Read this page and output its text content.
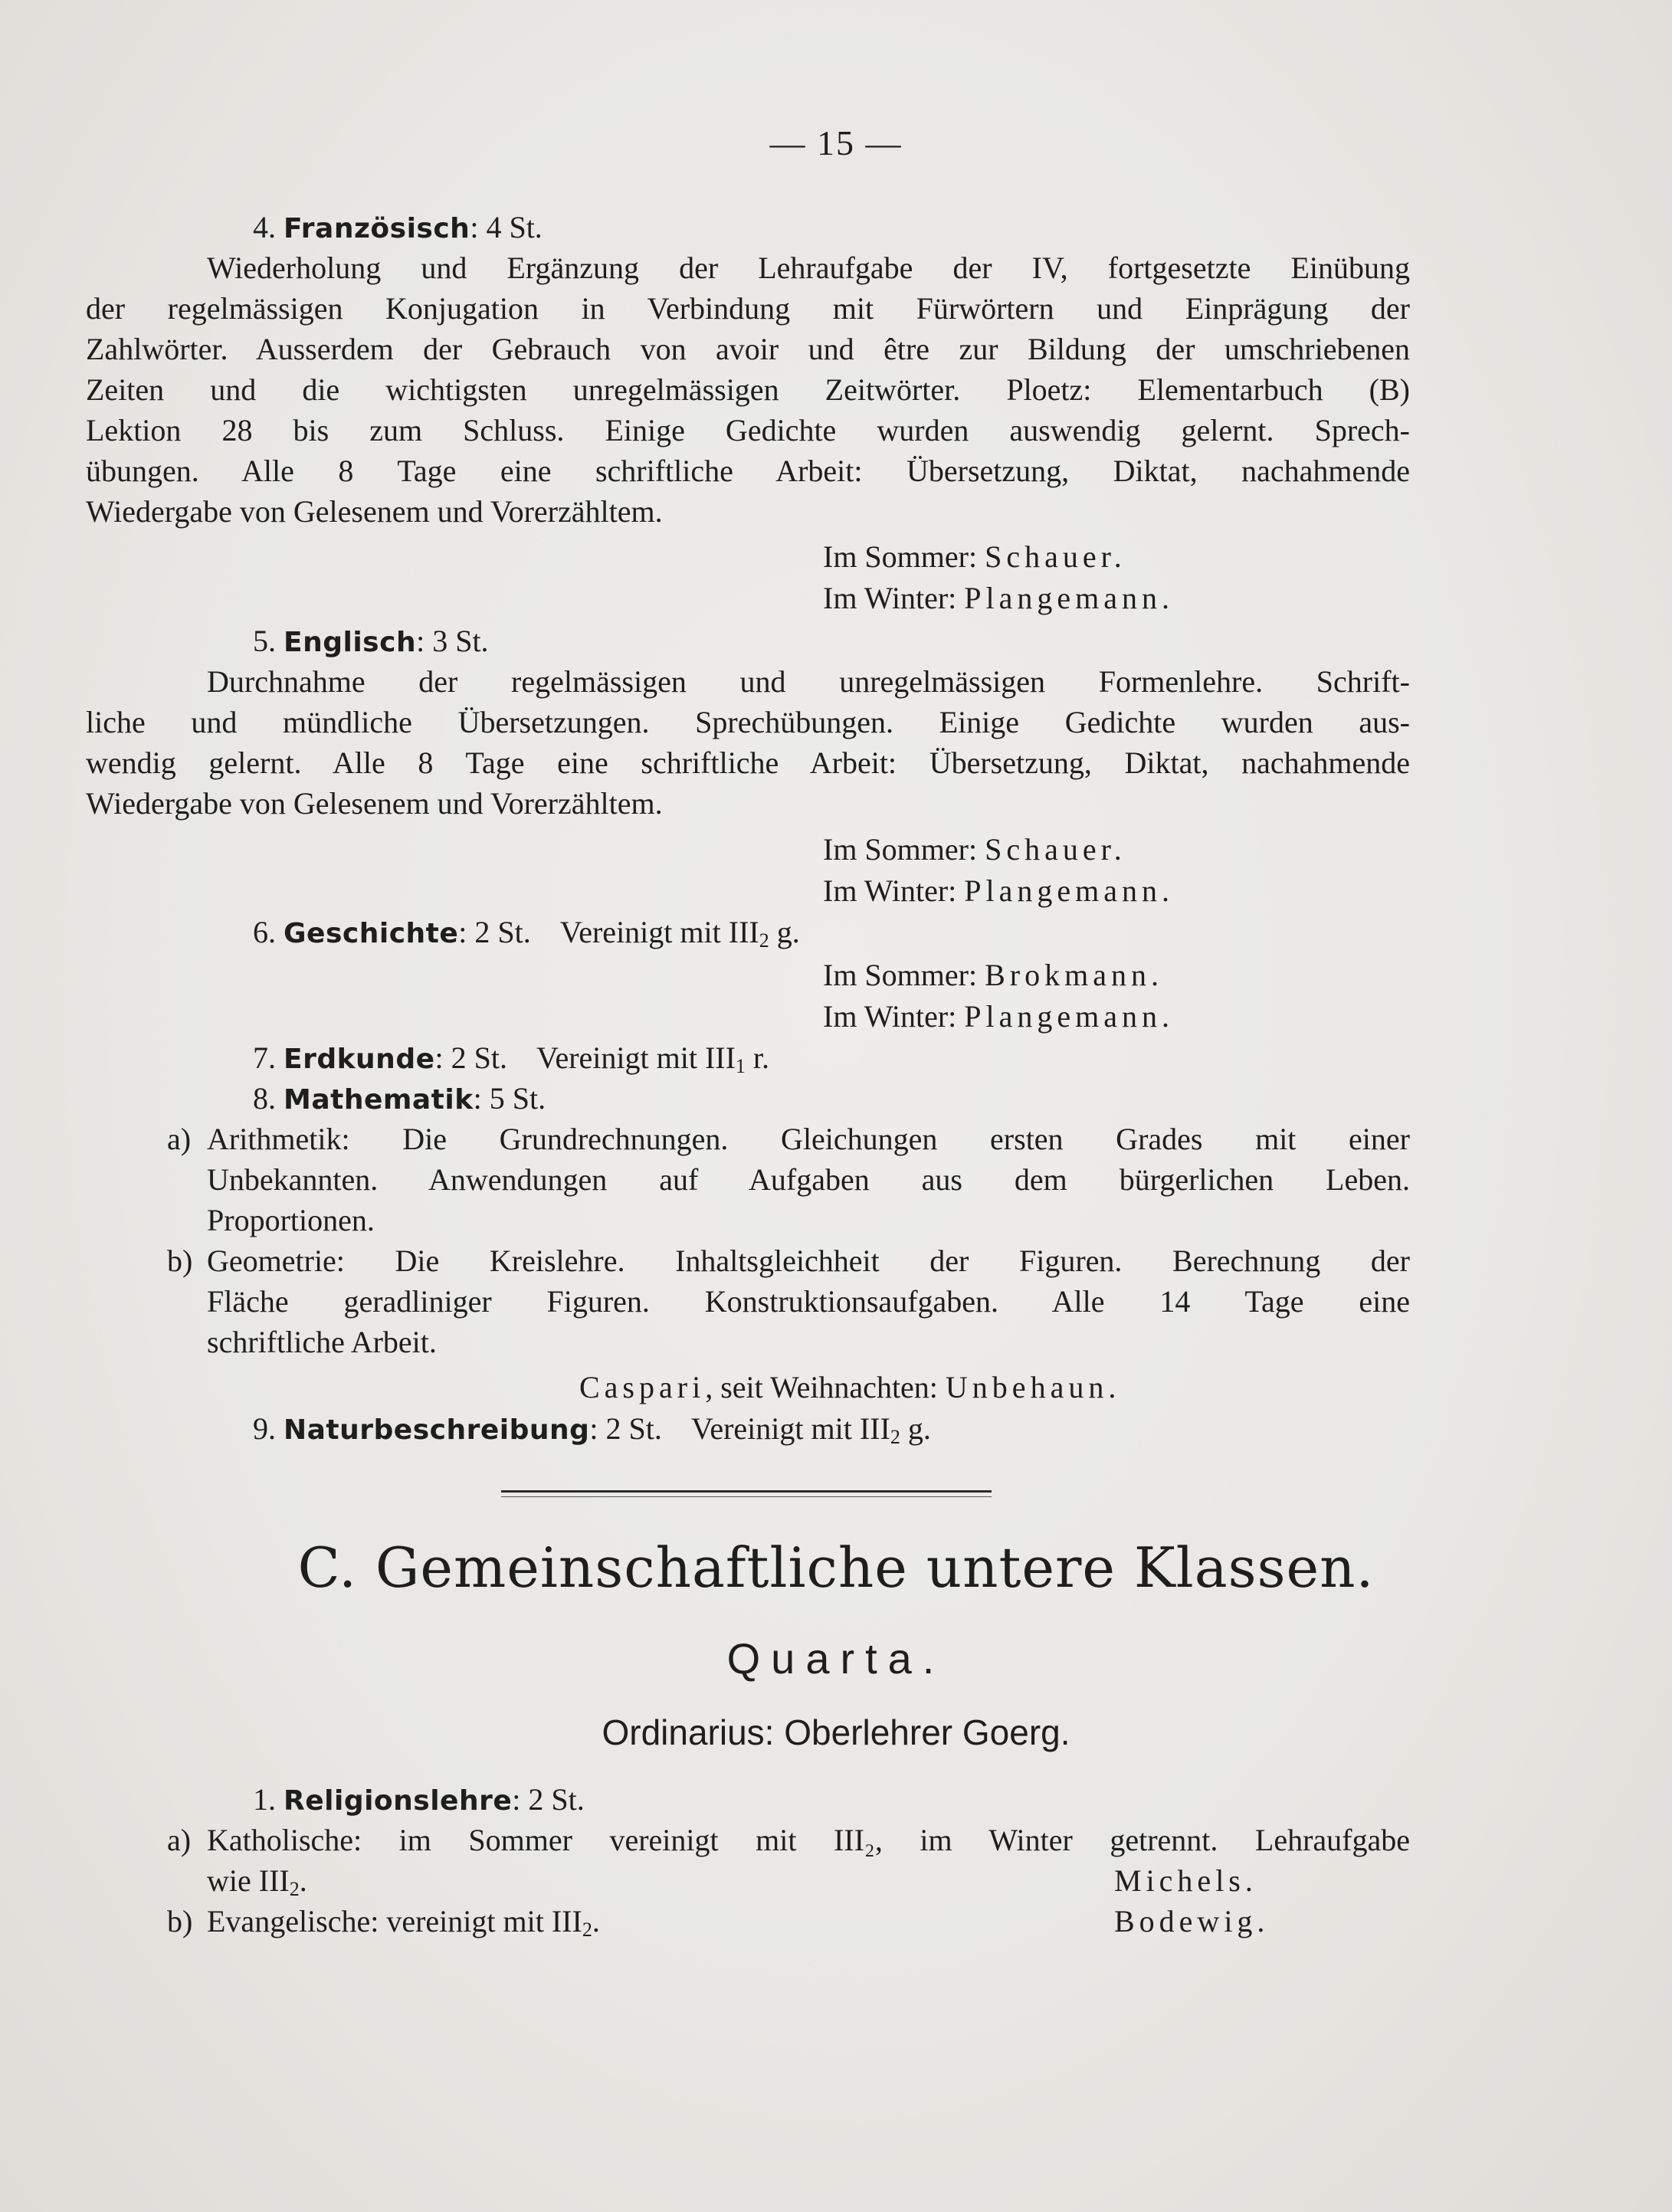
— 15 —
4. Französisch: 4 St.
Wiederholung und Ergänzung der Lehraufgabe der IV, fortgesetzte Einübung
der regelmässigen Konjugation in Verbindung mit Fürwörtern und Einprägung der
Zahlwörter. Ausserdem der Gebrauch von avoir und être zur Bildung der umschriebenen
Zeiten und die wichtigsten unregelmässigen Zeitwörter. Ploetz: Elementarbuch (B)
Lektion 28 bis zum Schluss. Einige Gedichte wurden auswendig gelernt. Sprech-
übungen. Alle 8 Tage eine schriftliche Arbeit: Übersetzung, Diktat, nachahmende
Wiedergabe von Gelesenem und Vorerzähltem.
Im Sommer: Schauer.
Im Winter: Plangemann.
5. Englisch: 3 St.
Durchnahme der regelmässigen und unregelmässigen Formenlehre. Schrift-
liche und mündliche Übersetzungen. Sprechübungen. Einige Gedichte wurden aus-
wendig gelernt. Alle 8 Tage eine schriftliche Arbeit: Übersetzung, Diktat, nachahmende
Wiedergabe von Gelesenem und Vorerzähltem.
Im Sommer: Schauer.
Im Winter: Plangemann.
6. Geschichte: 2 St. Vereinigt mit $III_2$ g.
Im Sommer: Brokmann.
Im Winter: Plangemann.
7. Erdkunde: 2 St. Vereinigt mit $III_1$ r.
8. Mathematik: 5 St.
a) Arithmetik: Die Grundrechnungen. Gleichungen ersten Grades mit einer
Unbekannten. Anwendungen auf Aufgaben aus dem bürgerlichen Leben.
Proportionen.
b) Geometrie: Die Kreislehre. Inhaltsgleichheit der Figuren. Berechnung der
Fläche geradliniger Figuren. Konstruktionsaufgaben. Alle 14 Tage eine
schriftliche Arbeit.
Caspari, seit Weihnachten: Unbehaun.
9. Naturbeschreibung: 2 St. Vereinigt mit $III_2$ g.
C. Gemeinschaftliche untere Klassen.
Quarta.
Ordinarius: Oberlehrer Goerg.
1. Religionslehre: 2 St.
a) Katholische: im Sommer vereinigt mit III₂, im Winter getrennt. Lehraufgabe
wie $III_2$.	Michels.
b) Evangelische: vereinigt mit $III_2$.	Bodewig.
